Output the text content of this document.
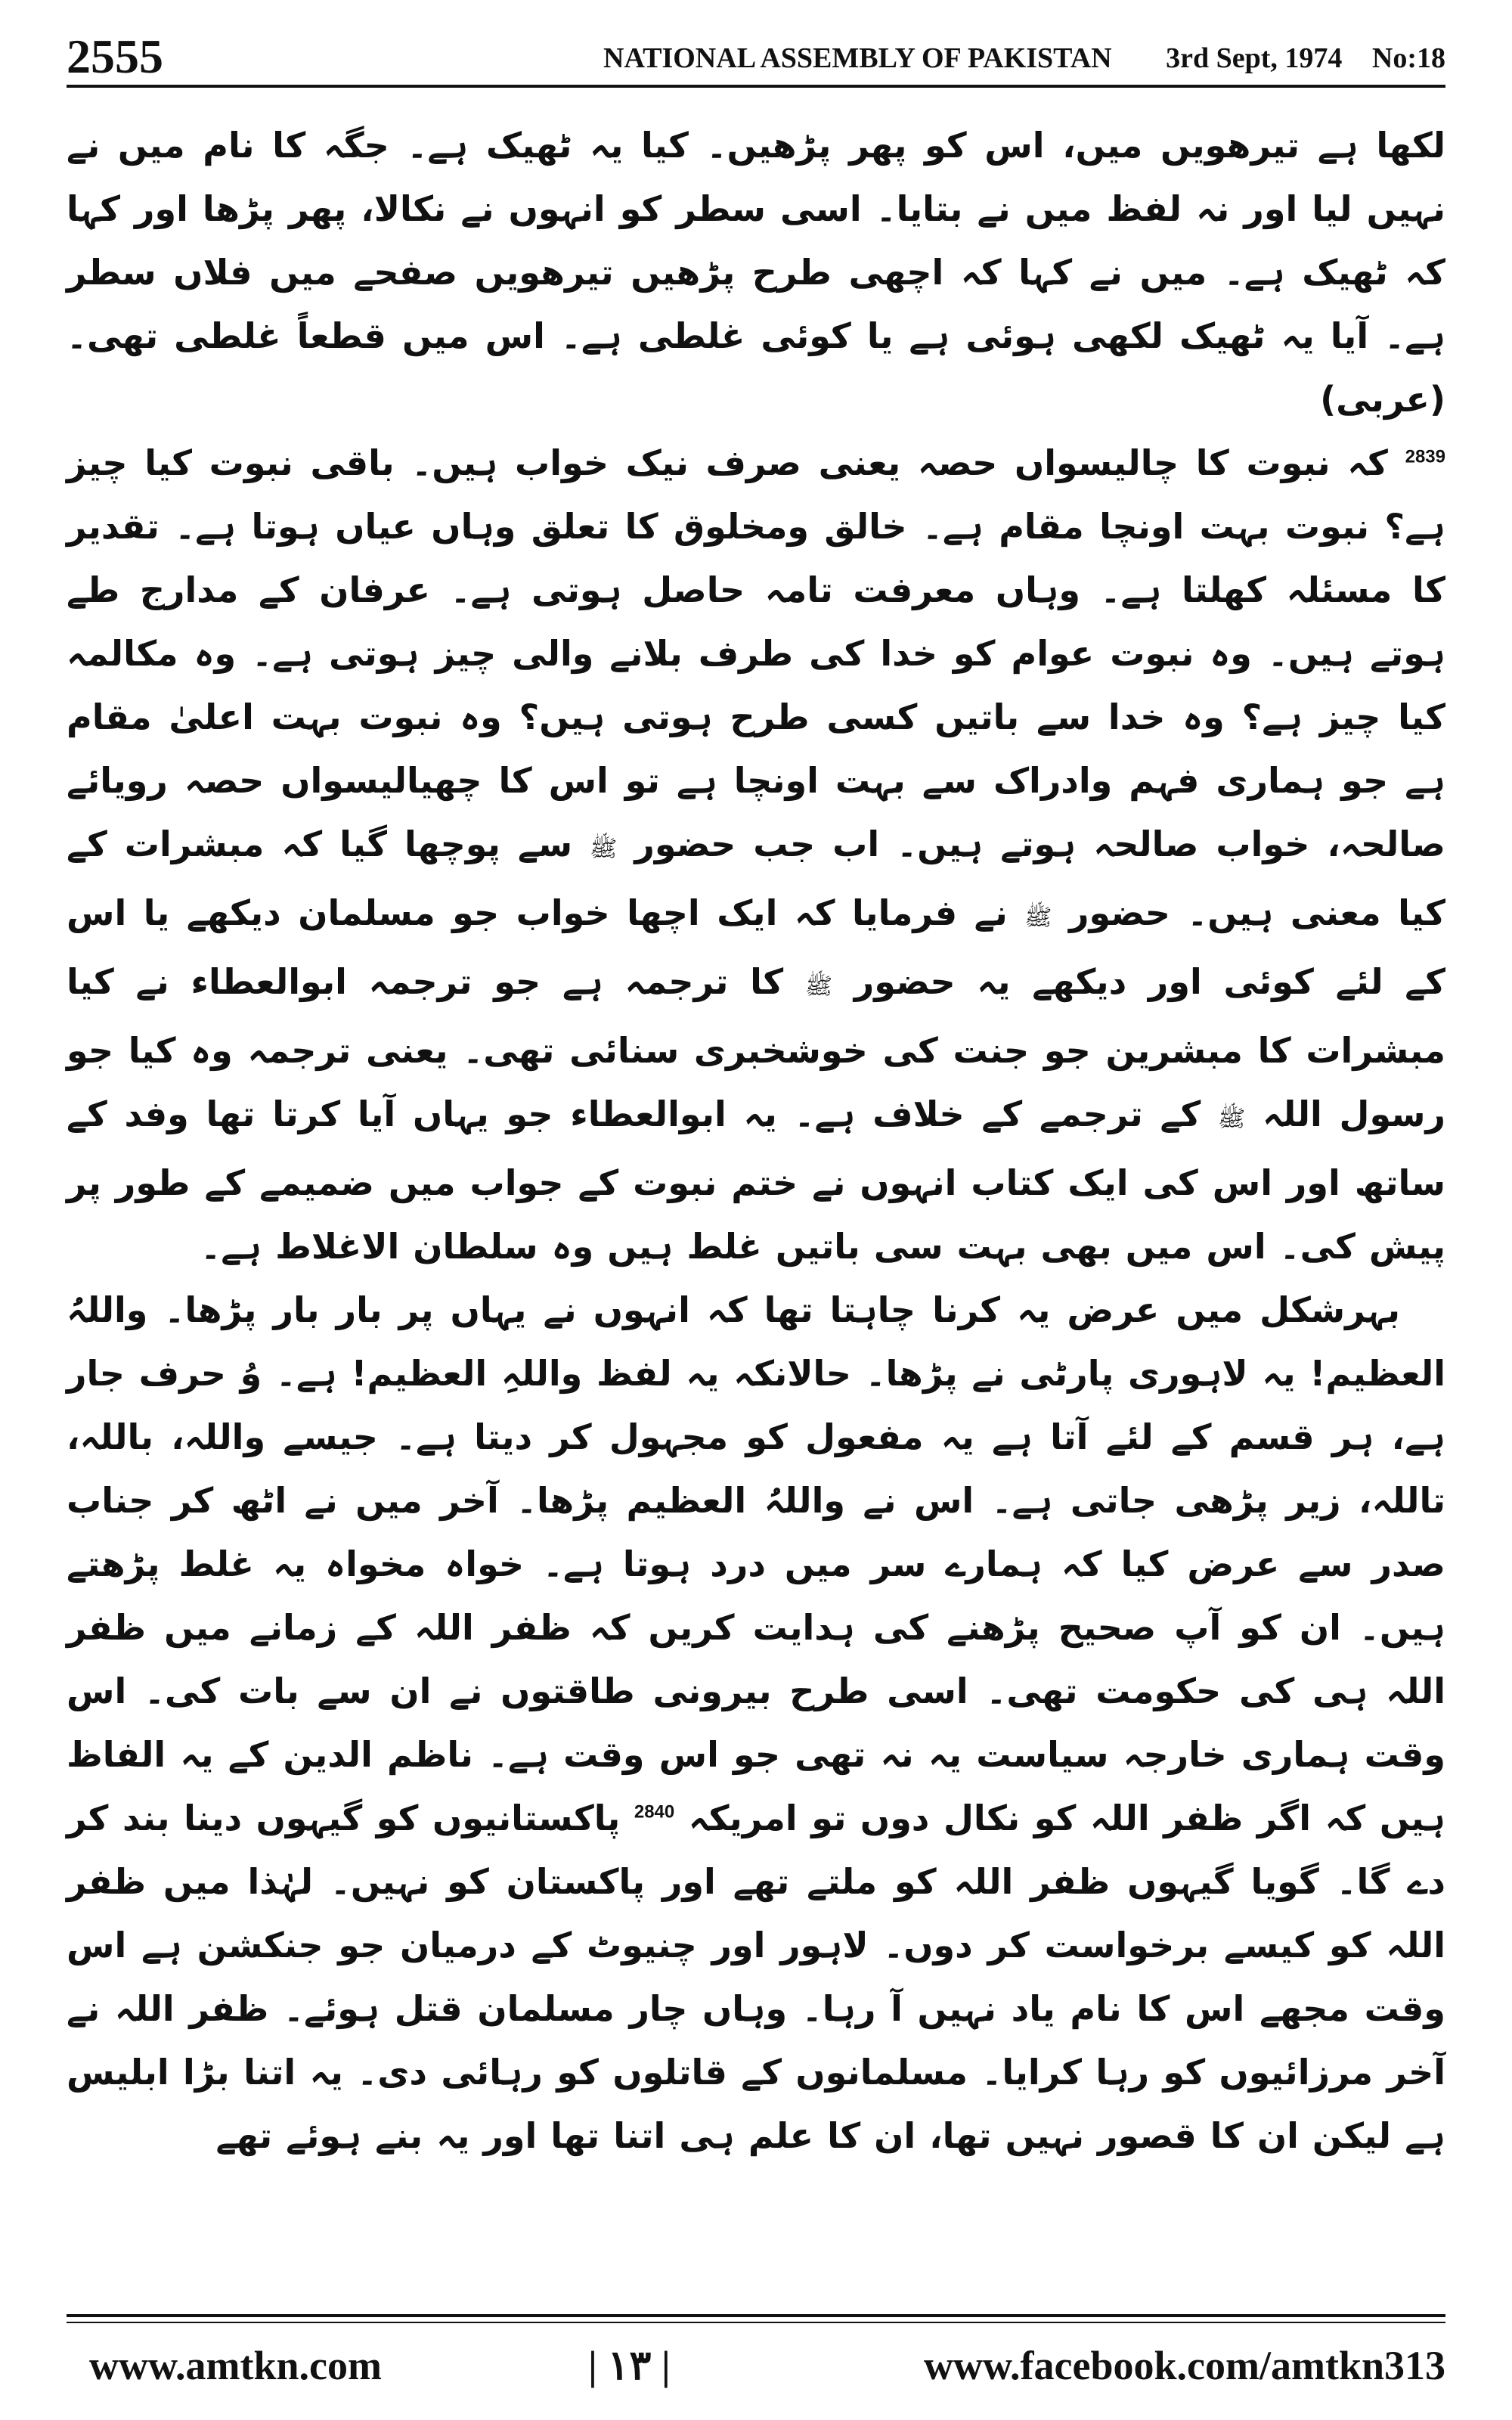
2555	NATIONAL ASSEMBLY OF PAKISTAN 3rd Sept, 1974 No:18

لکھا ہے تیرھویں میں، اس کو پھر پڑھیں۔ کیا یہ ٹھیک ہے۔ جگہ کا نام میں نے نہیں لیا اور نہ لفظ میں نے بتایا۔ اسی سطر کو انہوں نے نکالا، پھر پڑھا اور کہا کہ ٹھیک ہے۔ میں نے کہا کہ اچھی طرح پڑھیں تیرھویں صفحے میں فلاں سطر ہے۔ آیا یہ ٹھیک لکھی ہوئی ہے یا کوئی غلطی ہے۔ اس میں قطعاً غلطی تھی۔ (عربی)

$^{2839}$ کہ نبوت کا چالیسواں حصہ یعنی صرف نیک خواب ہیں۔ باقی نبوت کیا چیز ہے؟ نبوت بہت اونچا مقام ہے۔ خالق ومخلوق کا تعلق وہاں عیاں ہوتا ہے۔ تقدیر کا مسئلہ کھلتا ہے۔ وہاں معرفت تامہ حاصل ہوتی ہے۔ عرفان کے مدارج طے ہوتے ہیں۔ وہ نبوت عوام کو خدا کی طرف بلانے والی چیز ہوتی ہے۔ وہ مکالمہ کیا چیز ہے؟ وہ خدا سے باتیں کسی طرح ہوتی ہیں؟ وہ نبوت بہت اعلیٰ مقام ہے جو ہماری فہم وادراک سے بہت اونچا ہے تو اس کا چھیالیسواں حصہ رویائے صالحہ، خواب صالحہ ہوتے ہیں۔ اب جب حضور ﷺ سے پوچھا گیا کہ مبشرات کے کیا معنی ہیں۔ حضور ﷺ نے فرمایا کہ ایک اچھا خواب جو مسلمان دیکھے یا اس کے لئے کوئی اور دیکھے یہ حضور ﷺ کا ترجمہ ہے جو ترجمہ ابوالعطاء نے کیا مبشرات کا مبشرین جو جنت کی خوشخبری سنائی تھی۔ یعنی ترجمہ وہ کیا جو رسول اللہ ﷺ کے ترجمے کے خلاف ہے۔ یہ ابوالعطاء جو یہاں آیا کرتا تھا وفد کے ساتھ اور اس کی ایک کتاب انہوں نے ختم نبوت کے جواب میں ضمیمے کے طور پر پیش کی۔ اس میں بھی بہت سی باتیں غلط ہیں وہ سلطان الاغلاط ہے۔

بہرشکل میں عرض یہ کرنا چاہتا تھا کہ انہوں نے یہاں پر بار بار پڑھا۔ واللہُ العظیم! یہ لاہوری پارٹی نے پڑھا۔ حالانکہ یہ لفظ واللہِ العظیم! ہے۔ وُ حرف جار ہے، ہر قسم کے لئے آتا ہے یہ مفعول کو مجہول کر دیتا ہے۔ جیسے واللہ، باللہ، تاللہ، زیر پڑھی جاتی ہے۔ اس نے واللہُ العظیم پڑھا۔ آخر میں نے اٹھ کر جناب صدر سے عرض کیا کہ ہمارے سر میں درد ہوتا ہے۔ خواہ مخواہ یہ غلط پڑھتے ہیں۔ ان کو آپ صحیح پڑھنے کی ہدایت کریں کہ ظفر اللہ کے زمانے میں ظفر اللہ ہی کی حکومت تھی۔ اسی طرح بیرونی طاقتوں نے ان سے بات کی۔ اس وقت ہماری خارجہ سیاست یہ نہ تھی جو اس وقت ہے۔ ناظم الدین کے یہ الفاظ ہیں کہ اگر ظفر اللہ کو نکال دوں تو امریکہ $^{2840}$ پاکستانیوں کو گیہوں دینا بند کر دے گا۔ گویا گیہوں ظفر اللہ کو ملتے تھے اور پاکستان کو نہیں۔ لہٰذا میں ظفر اللہ کو کیسے برخواست کر دوں۔ لاہور اور چنیوٹ کے درمیان جو جنکشن ہے اس وقت مجھے اس کا نام یاد نہیں آ رہا۔ وہاں چار مسلمان قتل ہوئے۔ ظفر اللہ نے آخر مرزائیوں کو رہا کرایا۔ مسلمانوں کے قاتلوں کو رہائی دی۔ یہ اتنا بڑا ابلیس ہے لیکن ان کا قصور نہیں تھا، ان کا علم ہی اتنا تھا اور یہ بنے ہوئے تھے

www.amtkn.com	| ۱۳ |	www.facebook.com/amtkn313
